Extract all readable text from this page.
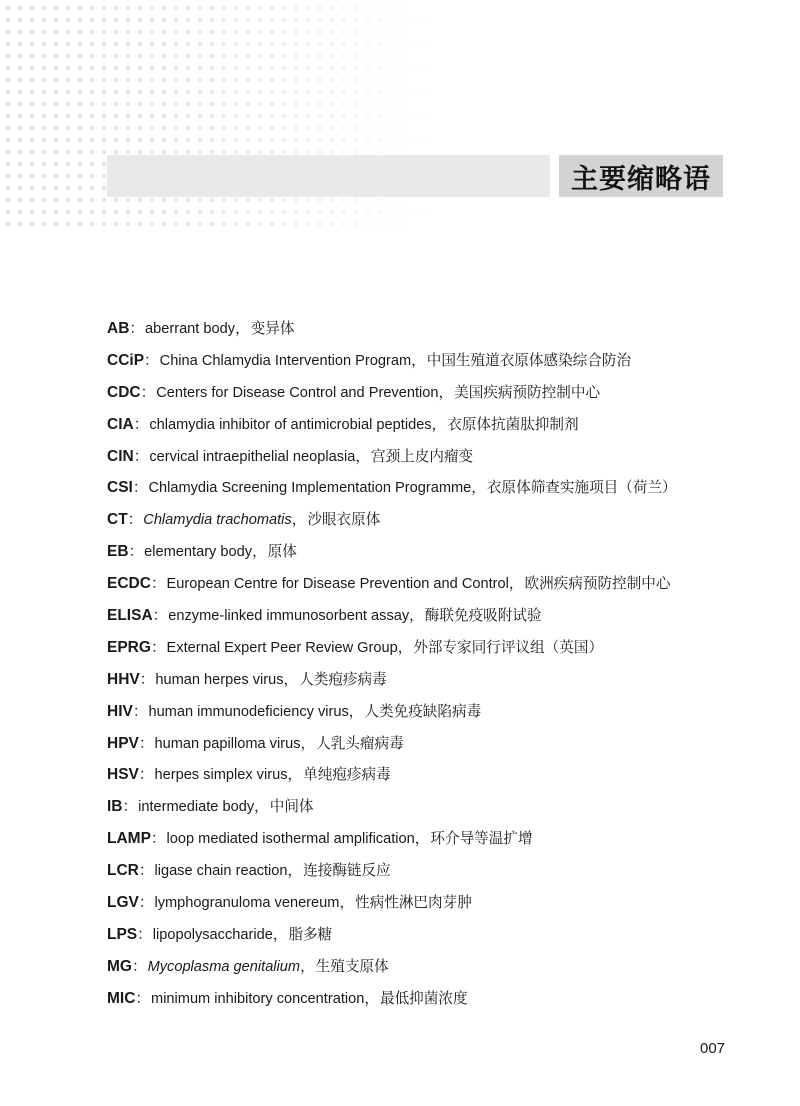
主要缩略语
AB：aberrant body，变异体
CCiP：China Chlamydia Intervention Program，中国生殖道衣原体感染综合防治
CDC：Centers for Disease Control and Prevention，美国疾病预防控制中心
CIA：chlamydia inhibitor of antimicrobial peptides，衣原体抗菌肽抑制剂
CIN：cervical intraepithelial neoplasia，宫颈上皮内瘤变
CSI：Chlamydia Screening Implementation Programme，衣原体筛查实施项目（荷兰）
CT：Chlamydia trachomatis，沙眼衣原体
EB：elementary body，原体
ECDC：European Centre for Disease Prevention and Control，欧洲疾病预防控制中心
ELISA：enzyme-linked immunosorbent assay，酶联免疫吸附试验
EPRG：External Expert Peer Review Group，外部专家同行评议组（英国）
HHV：human herpes virus，人类疱疹病毒
HIV：human immunodeficiency virus，人类免疫缺陷病毒
HPV：human papilloma virus，人乳头瘤病毒
HSV：herpes simplex virus，单纯疱疹病毒
IB：intermediate body，中间体
LAMP：loop mediated isothermal amplification，环介导等温扩增
LCR：ligase chain reaction，连接酶链反应
LGV：lymphogranuloma venereum，性病性淋巴肉芽肿
LPS：lipopolysaccharide，脂多糖
MG：Mycoplasma genitalium，生殖支原体
MIC：minimum inhibitory concentration，最低抑菌浓度
007
